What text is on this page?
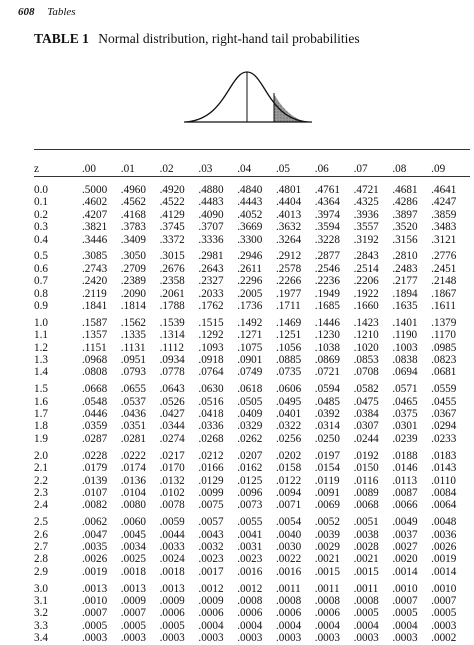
608 Tables
TABLE 1 Normal distribution, right-hand tail probabilities
z	.00	.01	.02	.03	.04	.05	.06	.07	.08	.09

0.0	.5000	.4960	.4920	.4880	.4840	.4801	.4761	.4721	.4681	.4641
0.1	.4602	.4562	.4522	.4483	.4443	.4404	.4364	.4325	.4286	.4247
0.2	.4207	.4168	.4129	.4090	.4052	.4013	.3974	.3936	.3897	.3859
0.3	.3821	.3783	.3745	.3707	.3669	.3632	.3594	.3557	.3520	.3483
0.4	.3446	.3409	.3372	.3336	.3300	.3264	.3228	.3192	.3156	.3121
0.5	.3085	.3050	.3015	.2981	.2946	.2912	.2877	.2843	.2810	.2776
0.6	.2743	.2709	.2676	.2643	.2611	.2578	.2546	.2514	.2483	.2451
0.7	.2420	.2389	.2358	.2327	.2296	.2266	.2236	.2206	.2177	.2148
0.8	.2119	.2090	.2061	.2033	.2005	.1977	.1949	.1922	.1894	.1867
0.9	.1841	.1814	.1788	.1762	.1736	.1711	.1685	.1660	.1635	.1611
1.0	.1587	.1562	.1539	.1515	.1492	.1469	.1446	.1423	.1401	.1379
1.1	.1357	.1335	.1314	.1292	.1271	.1251	.1230	.1210	.1190	.1170
1.2	.1151	.1131	.1112	.1093	.1075	.1056	.1038	.1020	.1003	.0985
1.3	.0968	.0951	.0934	.0918	.0901	.0885	.0869	.0853	.0838	.0823
1.4	.0808	.0793	.0778	.0764	.0749	.0735	.0721	.0708	.0694	.0681
1.5	.0668	.0655	.0643	.0630	.0618	.0606	.0594	.0582	.0571	.0559
1.6	.0548	.0537	.0526	.0516	.0505	.0495	.0485	.0475	.0465	.0455
1.7	.0446	.0436	.0427	.0418	.0409	.0401	.0392	.0384	.0375	.0367
1.8	.0359	.0351	.0344	.0336	.0329	.0322	.0314	.0307	.0301	.0294
1.9	.0287	.0281	.0274	.0268	.0262	.0256	.0250	.0244	.0239	.0233
2.0	.0228	.0222	.0217	.0212	.0207	.0202	.0197	.0192	.0188	.0183
2.1	.0179	.0174	.0170	.0166	.0162	.0158	.0154	.0150	.0146	.0143
2.2	.0139	.0136	.0132	.0129	.0125	.0122	.0119	.0116	.0113	.0110
2.3	.0107	.0104	.0102	.0099	.0096	.0094	.0091	.0089	.0087	.0084
2.4	.0082	.0080	.0078	.0075	.0073	.0071	.0069	.0068	.0066	.0064
2.5	.0062	.0060	.0059	.0057	.0055	.0054	.0052	.0051	.0049	.0048
2.6	.0047	.0045	.0044	.0043	.0041	.0040	.0039	.0038	.0037	.0036
2.7	.0035	.0034	.0033	.0032	.0031	.0030	.0029	.0028	.0027	.0026
2.8	.0026	.0025	.0024	.0023	.0023	.0022	.0021	.0021	.0020	.0019
2.9	.0019	.0018	.0018	.0017	.0016	.0016	.0015	.0015	.0014	.0014
3.0	.0013	.0013	.0013	.0012	.0012	.0011	.0011	.0011	.0010	.0010
3.1	.0010	.0009	.0009	.0009	.0008	.0008	.0008	.0008	.0007	.0007
3.2	.0007	.0007	.0006	.0006	.0006	.0006	.0006	.0005	.0005	.0005
3.3	.0005	.0005	.0005	.0004	.0004	.0004	.0004	.0004	.0004	.0003
3.4	.0003	.0003	.0003	.0003	.0003	.0003	.0003	.0003	.0003	.0002
